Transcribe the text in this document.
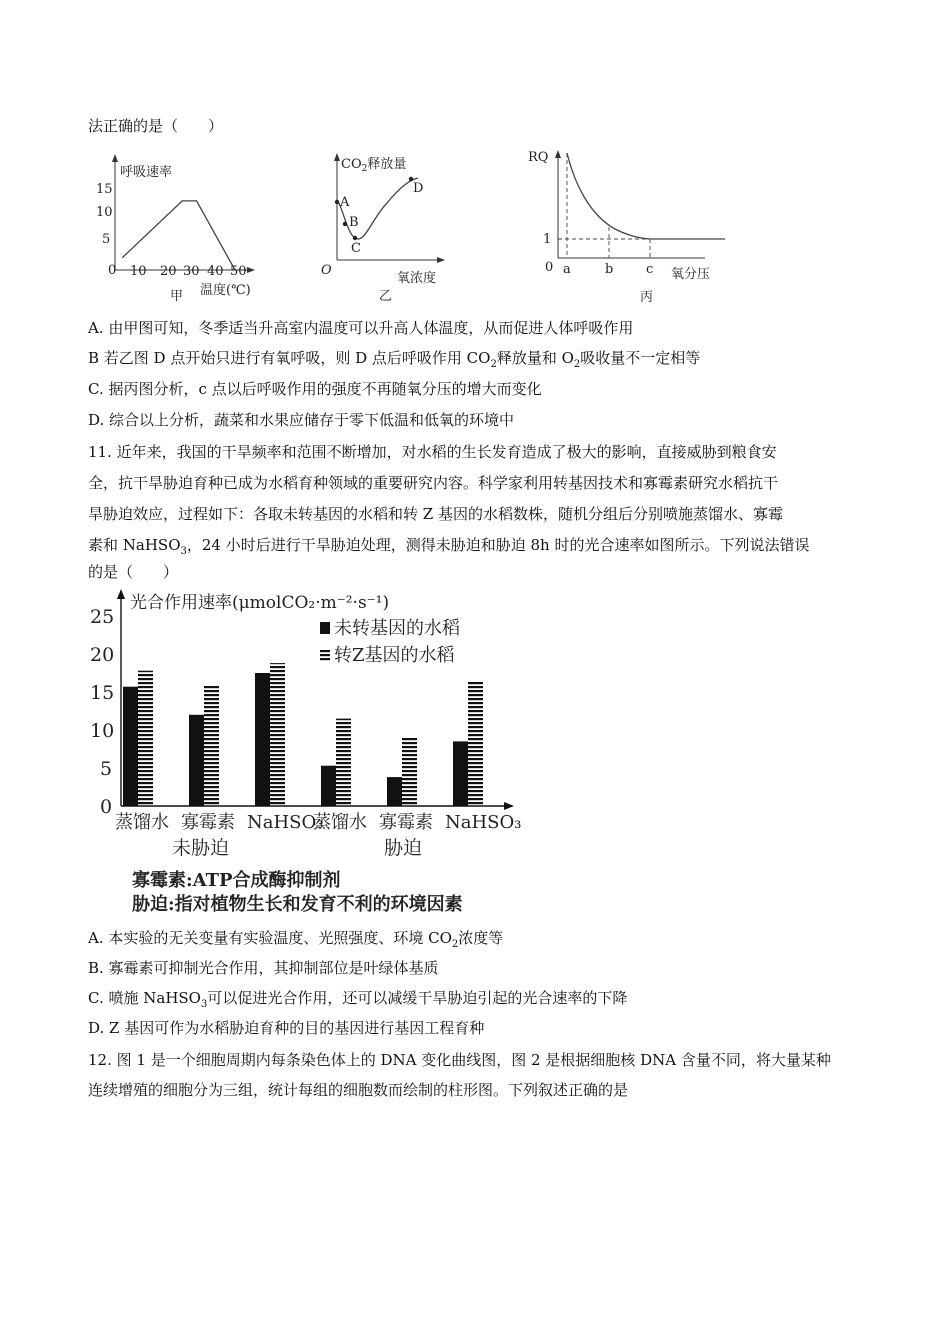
法正确的是（　　）
呼吸速率
15
10
5
0 10 20 30 40 50
温度(℃)
甲
$CO_2$释放量
A
B
C
D
O
氧浓度
乙
RQ
1
0 a	b	c 氧分压
丙
A. 由甲图可知，冬季适当升高室内温度可以升高人体温度，从而促进人体呼吸作用
B 若乙图 D 点开始只进行有氧呼吸，则 D 点后呼吸作用 $CO_2$释放量和 $O_2$吸收量不一定相等
C. 据丙图分析，c 点以后呼吸作用的强度不再随氧分压的增大而变化
D. 综合以上分析，蔬菜和水果应储存于零下低温和低氧的环境中
11. 近年来，我国的干旱频率和范围不断增加，对水稻的生长发育造成了极大的影响，直接威胁到粮食安
全，抗干旱胁迫育种已成为水稻育种领域的重要研究内容。科学家利用转基因技术和寡霉素研究水稻抗干
旱胁迫效应，过程如下：各取未转基因的水稻和转 Z 基因的水稻数株，随机分组后分别喷施蒸馏水、寡霉
素和 NaHSO$_3$，24 小时后进行干旱胁迫处理，测得未胁迫和胁迫 8h 时的光合速率如图所示。下列说法错误
的是（　　）
光合作用速率(μmolCO₂·m⁻²·s⁻¹)
25
20
15
10
5
0
蒸馏水 寡霉素 NaHSO₃
蒸馏水 寡霉素 NaHSO₃
未转基因的水稻
转Z基因的水稻
未胁迫	胁迫
寡霉素:ATP合成酶抑制剂
胁迫:指对植物生长和发育不利的环境因素
A. 本实验的无关变量有实验温度、光照强度、环境 $CO_2$浓度等
B. 寡霉素可抑制光合作用，其抑制部位是叶绿体基质
C. 喷施 NaHSO$_3$可以促进光合作用，还可以减缓干旱胁迫引起的光合速率的下降
D. Z 基因可作为水稻胁迫育种的目的基因进行基因工程育种
12. 图 1 是一个细胞周期内每条染色体上的 DNA 变化曲线图，图 2 是根据细胞核 DNA 含量不同，将大量某种
连续增殖的细胞分为三组，统计每组的细胞数而绘制的柱形图。下列叙述正确的是
